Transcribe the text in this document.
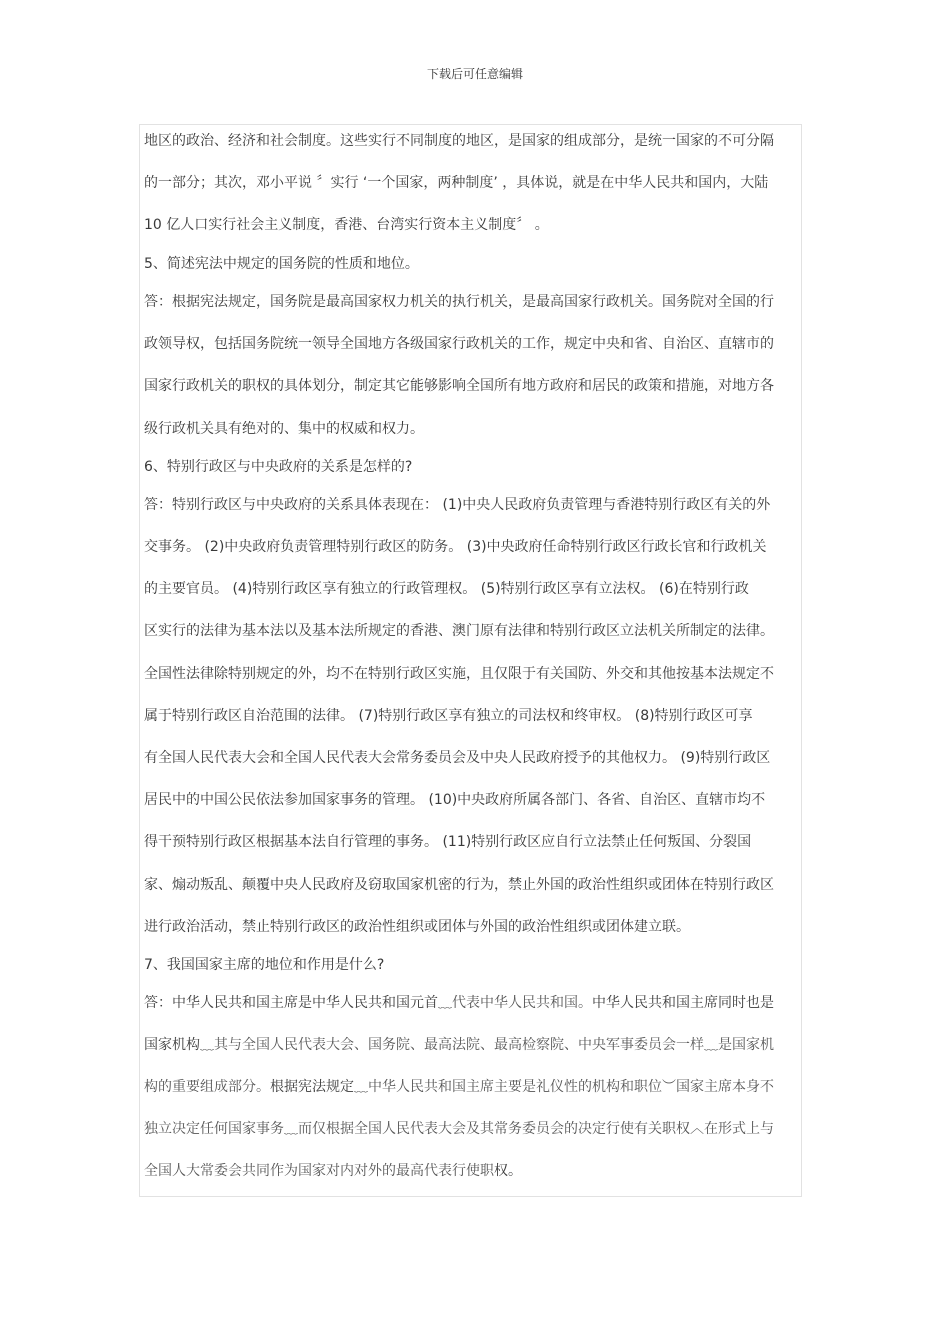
下载后可任意编辑
地区的政治、经济和社会制度。这些实行不同制度的地区，是国家的组成部分，是统一国家的不可分隔
的一部分；其次，邓小平说 〞实行 ‘一个国家，两种制度’ ，具体说，就是在中华人民共和国内，大陆
10 亿人口实行社会主义制度，香港、台湾实行资本主义制度〞 。
5、简述宪法中规定的国务院的性质和地位。
答：根据宪法规定，国务院是最高国家权力机关的执行机关，是最高国家行政机关。国务院对全国的行
政领导权，包括国务院统一领导全国地方各级国家行政机关的工作，规定中央和省、自治区、直辖市的
国家行政机关的职权的具体划分，制定其它能够影响全国所有地方政府和居民的政策和措施，对地方各
级行政机关具有绝对的、集中的权威和权力。
6、特别行政区与中央政府的关系是怎样的?
答：特别行政区与中央政府的关系具体表现在： (1)中央人民政府负责管理与香港特别行政区有关的外
交事务。 (2)中央政府负责管理特别行政区的防务。 (3)中央政府任命特别行政区行政长官和行政机关
的主要官员。 (4)特别行政区享有独立的行政管理权。 (5)特别行政区享有立法权。 (6)在特别行政
区实行的法律为基本法以及基本法所规定的香港、澳门原有法律和特别行政区立法机关所制定的法律。
全国性法律除特别规定的外，均不在特别行政区实施，且仅限于有关国防、外交和其他按基本法规定不
属于特别行政区自治范围的法律。 (7)特别行政区享有独立的司法权和终审权。 (8)特别行政区可享
有全国人民代表大会和全国人民代表大会常务委员会及中央人民政府授予的其他权力。 (9)特别行政区
居民中的中国公民依法参加国家事务的管理。 (10)中央政府所属各部门、各省、自治区、直辖市均不
得干预特别行政区根据基本法自行管理的事务。 (11)特别行政区应自行立法禁止任何叛国、分裂国
家、煽动叛乱、颠覆中央人民政府及窃取国家机密的行为，禁止外国的政治性组织或团体在特别行政区
进行政治活动，禁止特别行政区的政治性组织或团体与外国的政治性组织或团体建立联。
7、我国国家主席的地位和作用是什么?
答：中华人民共和国主席是中华人民共和国元首﹏代表中华人民共和国。中华人民共和国主席同时也是
国家机构﹏其与全国人民代表大会、国务院、最高法院、最高检察院、中央军事委员会一样﹏是国家机
构的重要组成部分。根据宪法规定﹏中华人民共和国主席主要是礼仪性的机构和职位︶国家主席本身不
独立决定任何国家事务﹏而仅根据全国人民代表大会及其常务委员会的决定行使有关职权︿在形式上与
全国人大常委会共同作为国家对内对外的最高代表行使职权。
